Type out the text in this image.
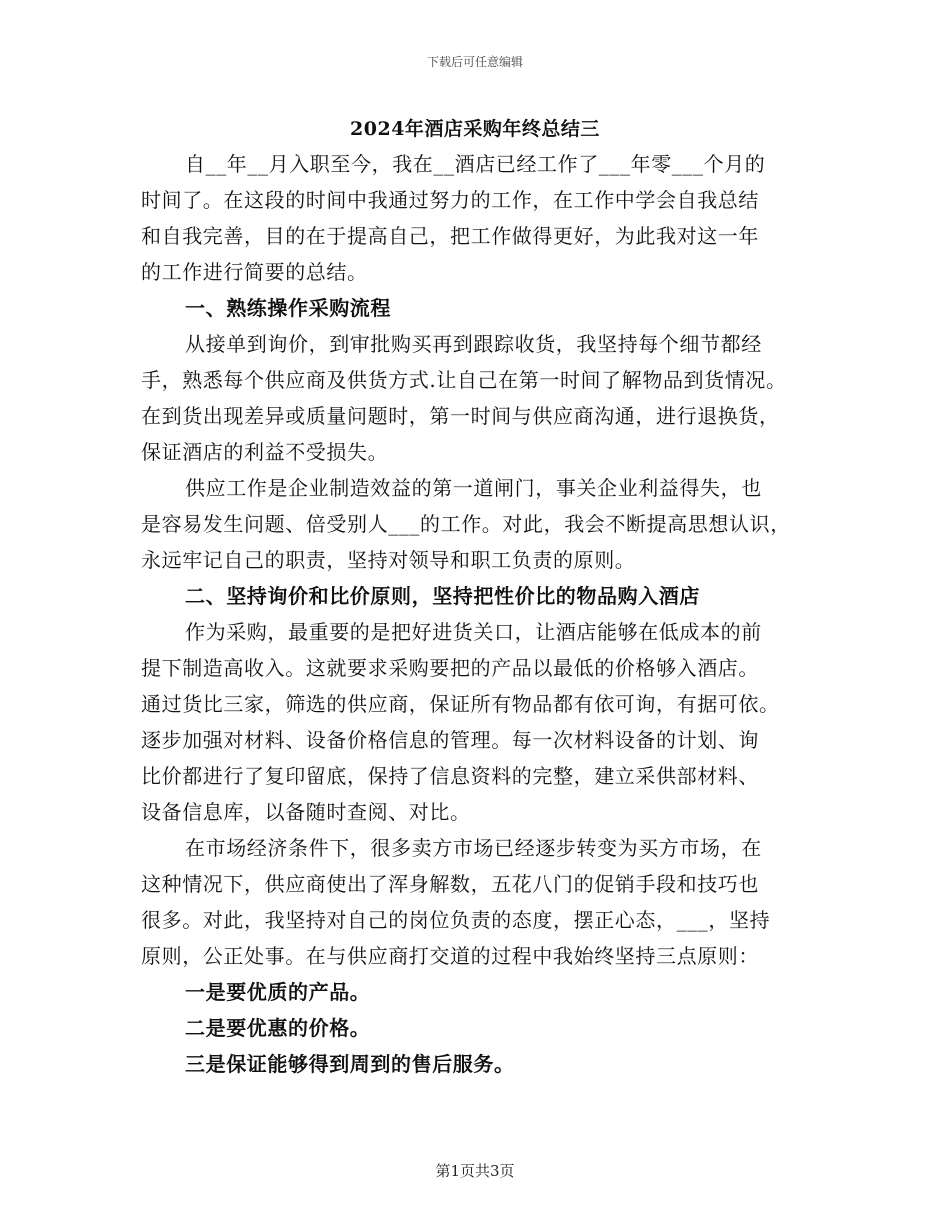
下载后可任意编辑
2024年酒店采购年终总结三
自__年__月入职至今，我在__酒店已经工作了___年零___个月的
时间了。在这段的时间中我通过努力的工作，在工作中学会自我总结
和自我完善，目的在于提高自己，把工作做得更好，为此我对这一年
的工作进行简要的总结。
一、熟练操作采购流程
从接单到询价，到审批购买再到跟踪收货，我坚持每个细节都经
手，熟悉每个供应商及供货方式.让自己在第一时间了解物品到货情况。
在到货出现差异或质量问题时，第一时间与供应商沟通，进行退换货，
保证酒店的利益不受损失。
供应工作是企业制造效益的第一道闸门，事关企业利益得失，也
是容易发生问题、倍受别人___的工作。对此，我会不断提高思想认识，
永远牢记自己的职责，坚持对领导和职工负责的原则。
二、坚持询价和比价原则，坚持把性价比的物品购入酒店
作为采购，最重要的是把好进货关口，让酒店能够在低成本的前
提下制造高收入。这就要求采购要把的产品以最低的价格够入酒店。
通过货比三家，筛选的供应商，保证所有物品都有依可询，有据可依。
逐步加强对材料、设备价格信息的管理。每一次材料设备的计划、询
比价都进行了复印留底，保持了信息资料的完整，建立采供部材料、
设备信息库，以备随时查阅、对比。
在市场经济条件下，很多卖方市场已经逐步转变为买方市场，在
这种情况下，供应商使出了浑身解数，五花八门的促销手段和技巧也
很多。对此，我坚持对自己的岗位负责的态度，摆正心态，___，坚持
原则，公正处事。在与供应商打交道的过程中我始终坚持三点原则：
一是要优质的产品。
二是要优惠的价格。
三是保证能够得到周到的售后服务。
第1页共3页
